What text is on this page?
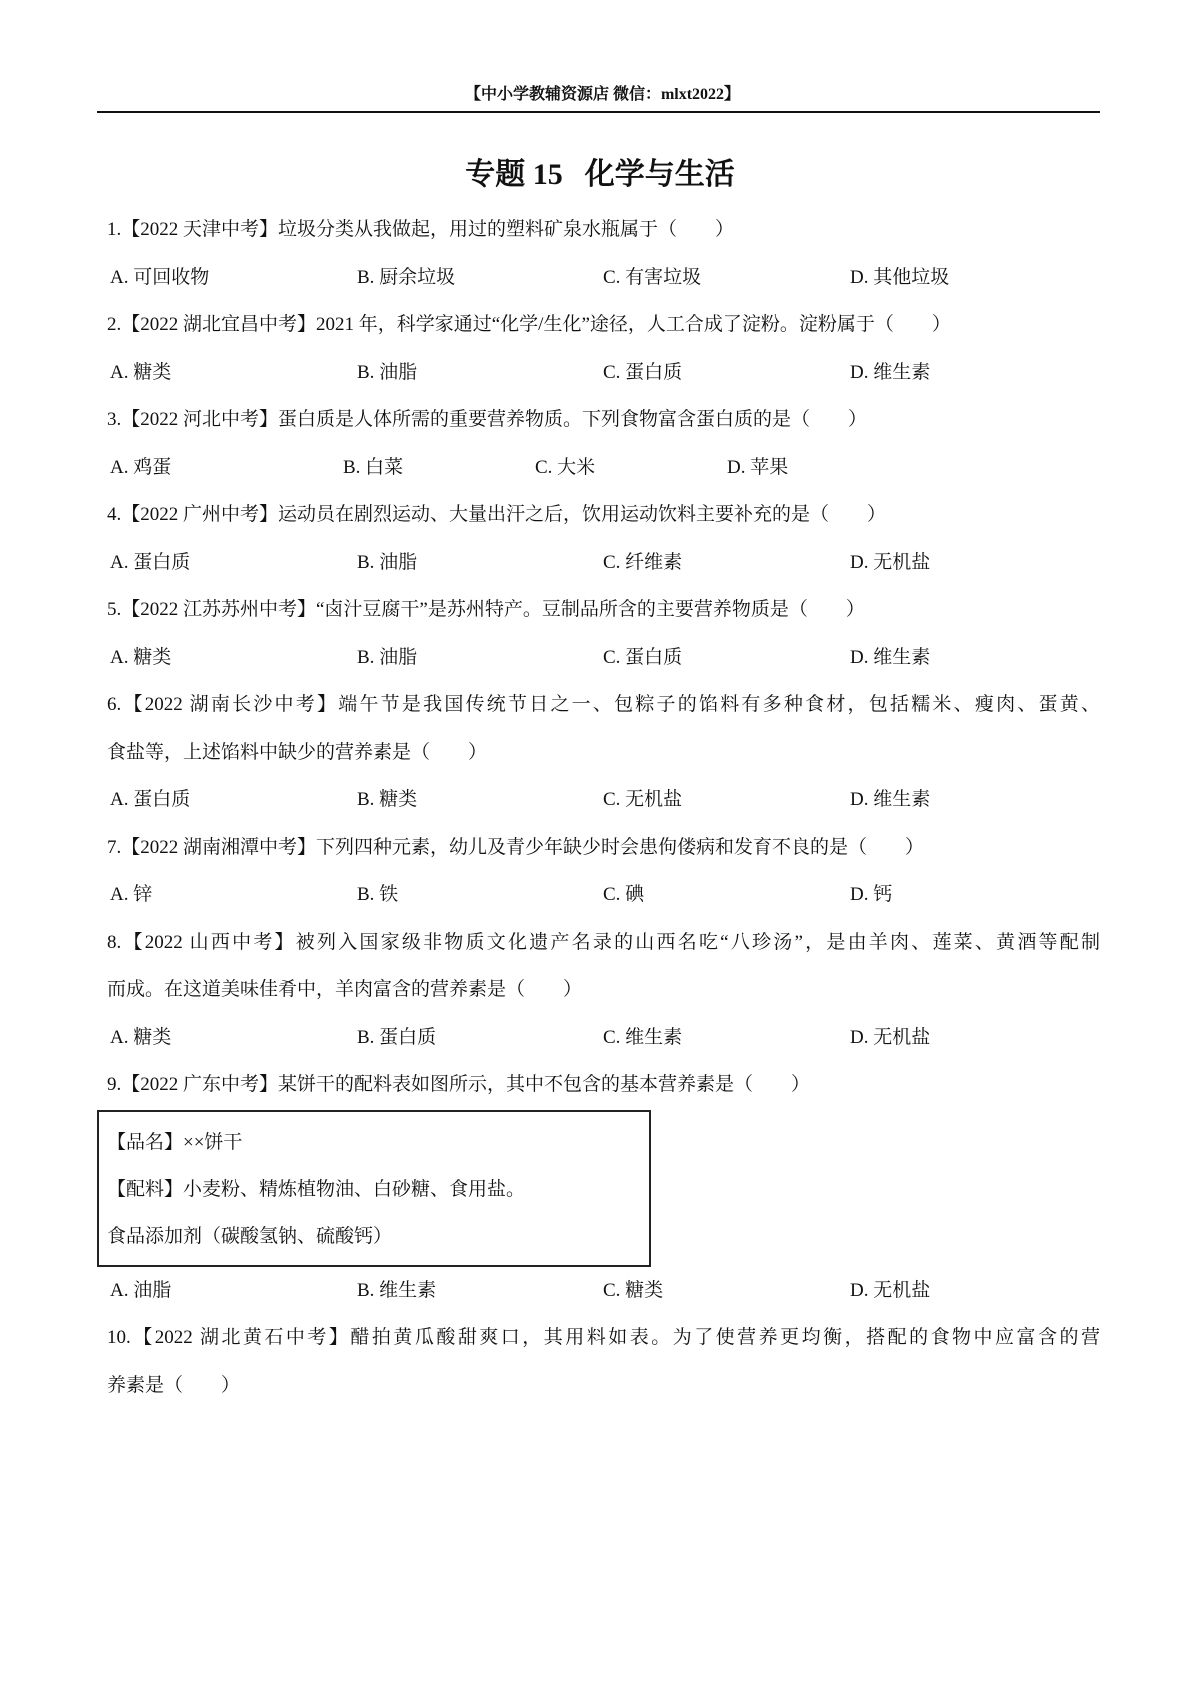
【中小学教辅资源店 微信：mlxt2022】
专题 15 化学与生活
1.【2022 天津中考】垃圾分类从我做起，用过的塑料矿泉水瓶属于（　　）
A. 可回收物	B. 厨余垃圾	C. 有害垃圾	D. 其他垃圾
2.【2022 湖北宜昌中考】2021 年，科学家通过“化学/生化”途径，人工合成了淀粉。淀粉属于（　　）
A. 糖类	B. 油脂	C. 蛋白质	D. 维生素
3.【2022 河北中考】蛋白质是人体所需的重要营养物质。下列食物富含蛋白质的是（　　）
A. 鸡蛋	B. 白菜	C. 大米	D. 苹果
4.【2022 广州中考】运动员在剧烈运动、大量出汗之后，饮用运动饮料主要补充的是（　　）
A. 蛋白质	B. 油脂	C. 纤维素	D. 无机盐
5.【2022 江苏苏州中考】“卤汁豆腐干”是苏州特产。豆制品所含的主要营养物质是（　　）
A. 糖类	B. 油脂	C. 蛋白质	D. 维生素
6.【2022 湖南长沙中考】端午节是我国传统节日之一、包粽子的馅料有多种食材，包括糯米、瘦肉、蛋黄、
食盐等，上述馅料中缺少的营养素是（　　）
A. 蛋白质	B. 糖类	C. 无机盐	D. 维生素
7.【2022 湖南湘潭中考】下列四种元素，幼儿及青少年缺少时会患佝偻病和发育不良的是（　　）
A. 锌	B. 铁	C. 碘	D. 钙
8.【2022 山西中考】被列入国家级非物质文化遗产名录的山西名吃“八珍汤”，是由羊肉、莲菜、黄酒等配制
而成。在这道美味佳肴中，羊肉富含的营养素是（　　）
A. 糖类	B. 蛋白质	C. 维生素	D. 无机盐
9.【2022 广东中考】某饼干的配料表如图所示，其中不包含的基本营养素是（　　）
【品名】××饼干
【配料】小麦粉、精炼植物油、白砂糖、食用盐。
食品添加剂（碳酸氢钠、硫酸钙）
A. 油脂	B. 维生素	C. 糖类	D. 无机盐
10.【2022 湖北黄石中考】醋拍黄瓜酸甜爽口，其用料如表。为了使营养更均衡，搭配的食物中应富含的营
养素是（　　）
